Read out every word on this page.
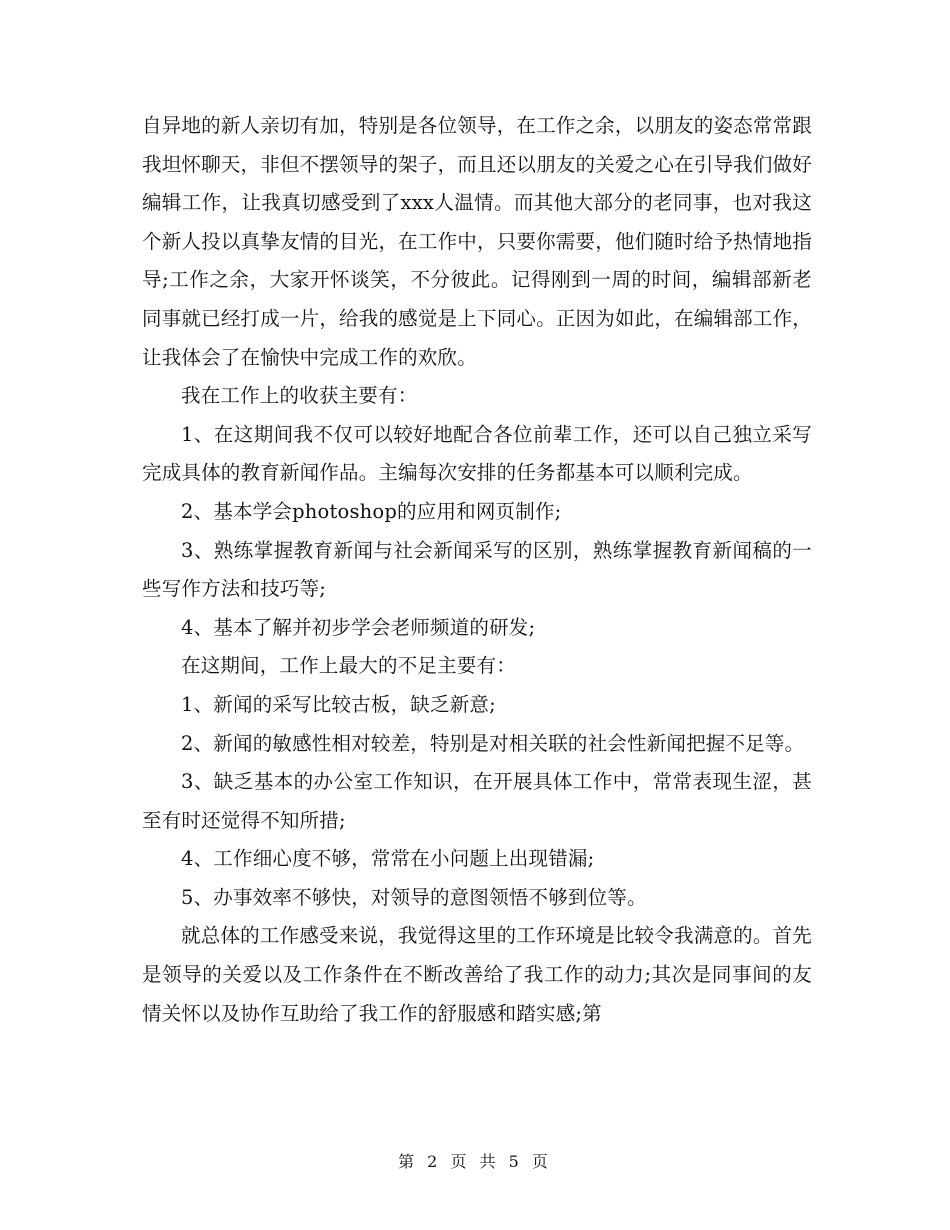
自异地的新人亲切有加，特别是各位领导，在工作之余，以朋友的姿态常常跟我坦怀聊天，非但不摆领导的架子，而且还以朋友的关爱之心在引导我们做好编辑工作，让我真切感受到了xxx人温情。而其他大部分的老同事，也对我这个新人投以真挚友情的目光，在工作中，只要你需要，他们随时给予热情地指导;工作之余，大家开怀谈笑，不分彼此。记得刚到一周的时间，编辑部新老同事就已经打成一片，给我的感觉是上下同心。正因为如此，在编辑部工作，让我体会了在愉快中完成工作的欢欣。

我在工作上的收获主要有：

1、在这期间我不仅可以较好地配合各位前辈工作，还可以自己独立采写完成具体的教育新闻作品。主编每次安排的任务都基本可以顺利完成。

2、基本学会photoshop的应用和网页制作;

3、熟练掌握教育新闻与社会新闻采写的区别，熟练掌握教育新闻稿的一些写作方法和技巧等;

4、基本了解并初步学会老师频道的研发;

在这期间，工作上最大的不足主要有：

1、新闻的采写比较古板，缺乏新意;

2、新闻的敏感性相对较差，特别是对相关联的社会性新闻把握不足等。

3、缺乏基本的办公室工作知识，在开展具体工作中，常常表现生涩，甚至有时还觉得不知所措;

4、工作细心度不够，常常在小问题上出现错漏;

5、办事效率不够快，对领导的意图领悟不够到位等。

就总体的工作感受来说，我觉得这里的工作环境是比较令我满意的。首先是领导的关爱以及工作条件在不断改善给了我工作的动力;其次是同事间的友情关怀以及协作互助给了我工作的舒服感和踏实感;第

第 2 页 共 5 页
